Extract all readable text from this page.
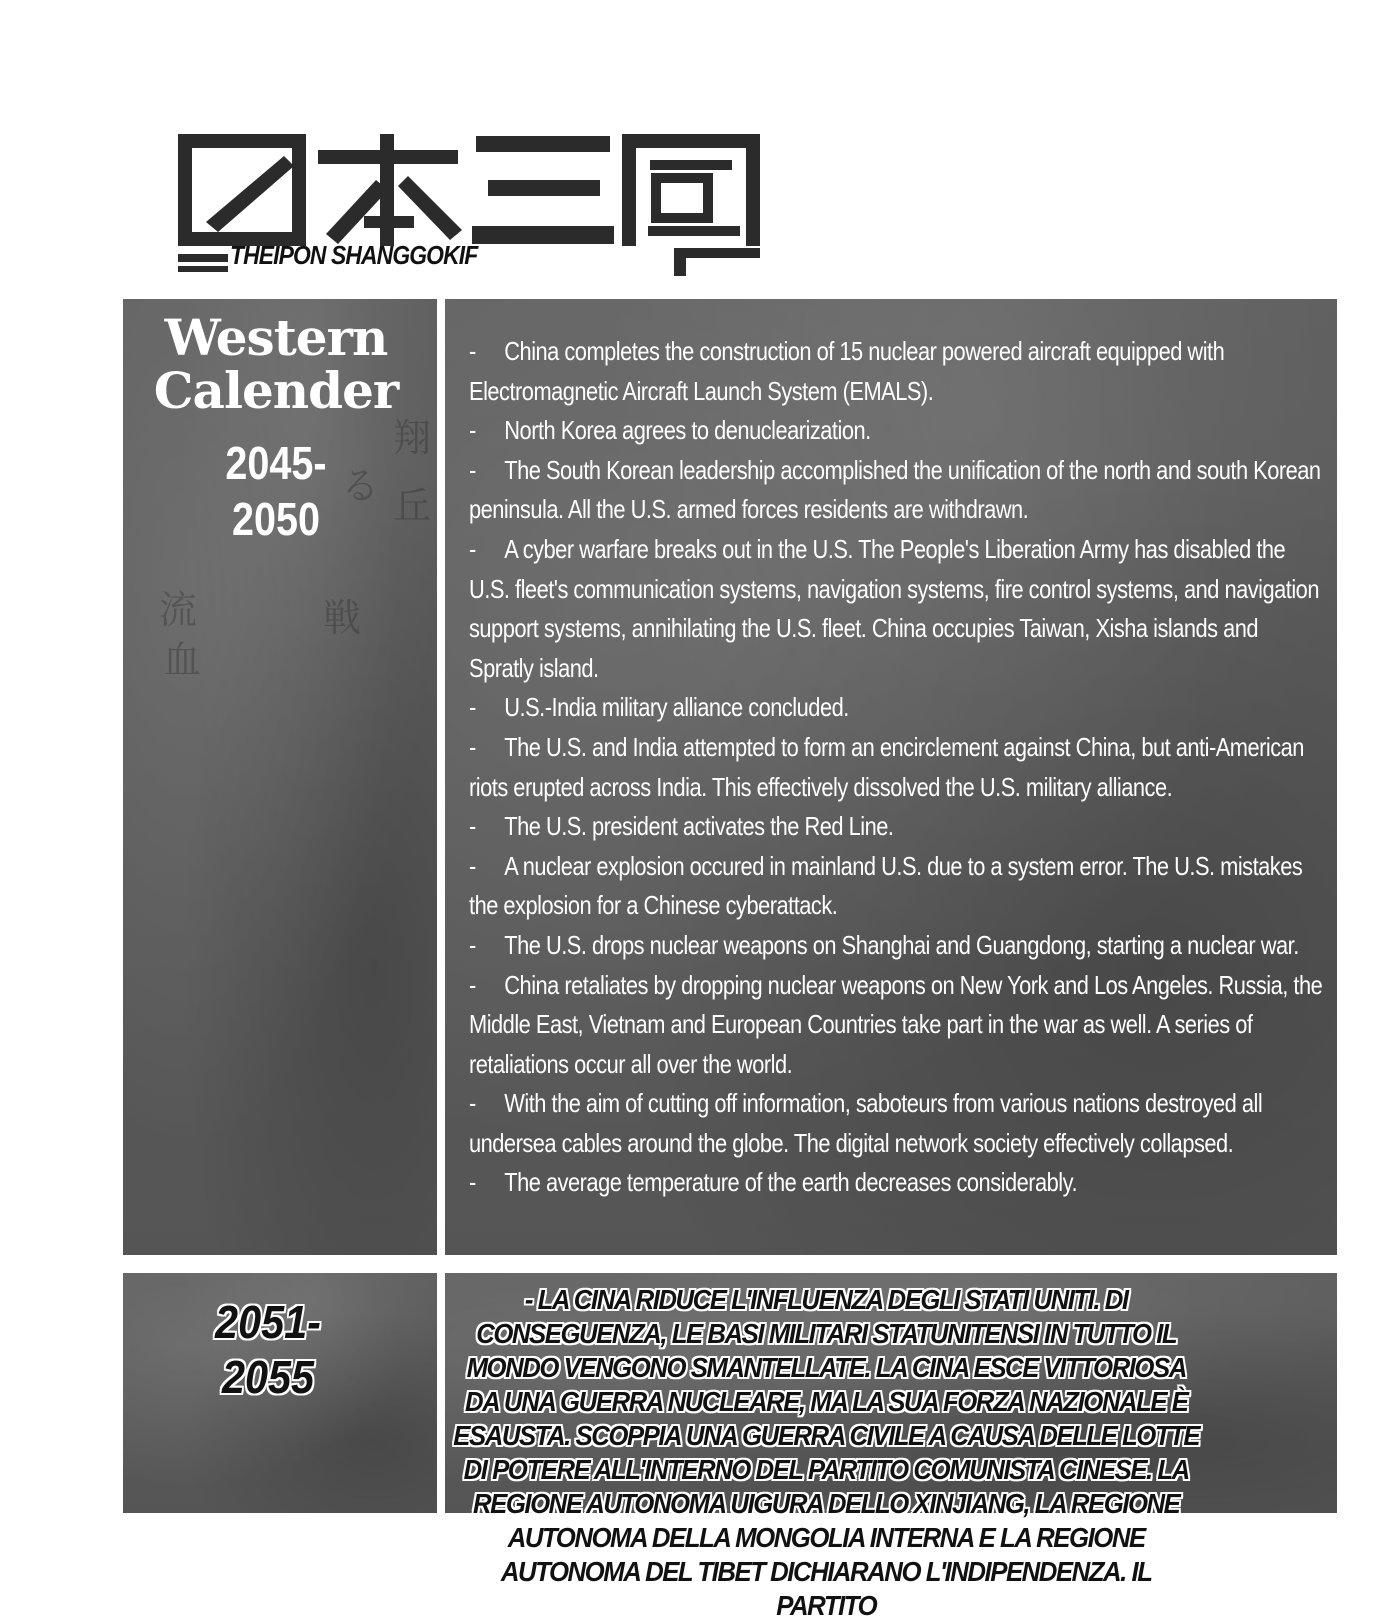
THEIPON SHANGGOKIF
翔
る 丘
流
血
戦
Western Calender
2045-
2050
- China completes the construction of 15 nuclear powered aircraft equipped with Electromagnetic Aircraft Launch System (EMALS).
- North Korea agrees to denuclearization.
- The South Korean leadership accomplished the unification of the north and south Korean peninsula. All the U.S. armed forces residents are withdrawn.
- A cyber warfare breaks out in the U.S. The People's Liberation Army has disabled the U.S. fleet's communication systems, navigation systems, fire control systems, and navigation support systems, annihilating the U.S. fleet. China occupies Taiwan, Xisha islands and Spratly island.
- U.S.-India military alliance concluded.
- The U.S. and India attempted to form an encirclement against China, but anti-American riots erupted across India. This effectively dissolved the U.S. military alliance.
- The U.S. president activates the Red Line.
- A nuclear explosion occured in mainland U.S. due to a system error. The U.S. mistakes the explosion for a Chinese cyberattack.
- The U.S. drops nuclear weapons on Shanghai and Guangdong, starting a nuclear war.
- China retaliates by dropping nuclear weapons on New York and Los Angeles. Russia, the Middle East, Vietnam and European Countries take part in the war as well. A series of retaliations occur all over the world.
- With the aim of cutting off information, saboteurs from various nations destroyed all undersea cables around the globe. The digital network society effectively collapsed.
- The average temperature of the earth decreases considerably.
2051-
2055
- LA CINA RIDUCE L'INFLUENZA DEGLI STATI UNITI. DI CONSEGUENZA, LE BASI MILITARI STATUNITENSI IN TUTTO IL MONDO VENGONO SMANTELLATE. LA CINA ESCE VITTORIOSA DA UNA GUERRA NUCLEARE, MA LA SUA FORZA NAZIONALE È ESAUSTA. SCOPPIA UNA GUERRA CIVILE A CAUSA DELLE LOTTE DI POTERE ALL'INTERNO DEL PARTITO COMUNISTA CINESE. LA REGIONE AUTONOMA UIGURA DELLO XINJIANG, LA REGIONE AUTONOMA DELLA MONGOLIA INTERNA E LA REGIONE AUTONOMA DEL TIBET DICHIARANO L'INDIPENDENZA. IL PARTITO
